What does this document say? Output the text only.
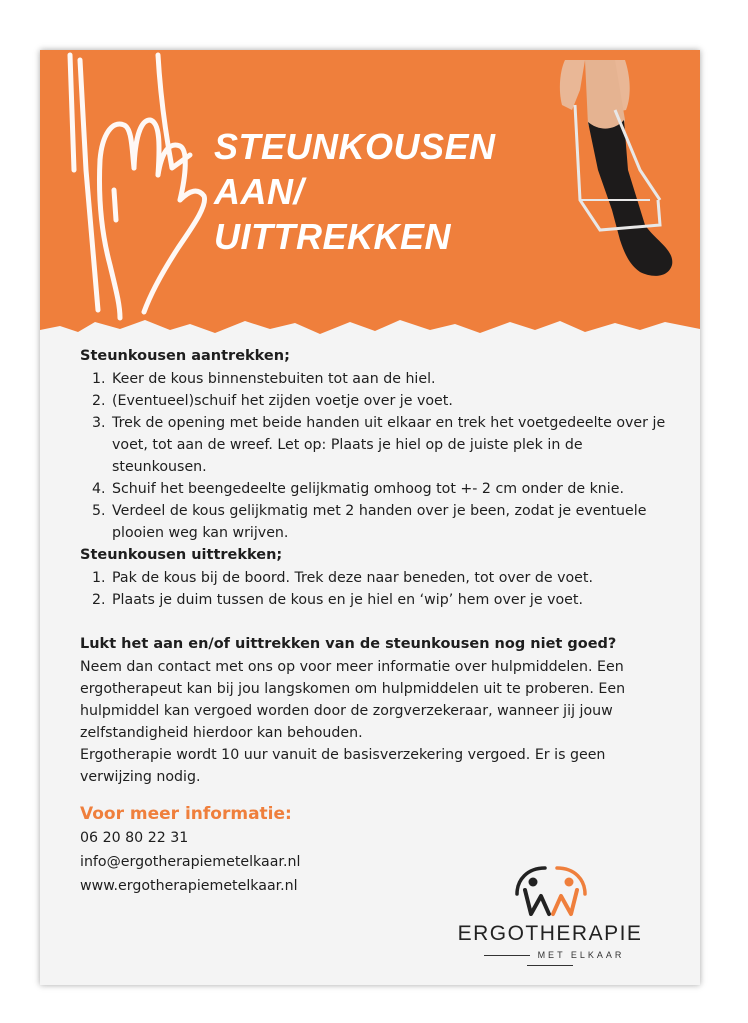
STEUNKOUSEN
AAN/
UITTREKKEN
Steunkousen aantrekken;
1. Keer de kous binnenstebuiten tot aan de hiel.
2. (Eventueel)schuif het zijden voetje over je voet.
3. Trek de opening met beide handen uit elkaar en trek het voetgedeelte over je voet, tot aan de wreef. Let op: Plaats je hiel op de juiste plek in de steunkousen.
4. Schuif het beengedeelte gelijkmatig omhoog tot +- 2 cm onder de knie.
5. Verdeel de kous gelijkmatig met 2 handen over je been, zodat je eventuele plooien weg kan wrijven.
Steunkousen uittrekken;
1. Pak de kous bij de boord. Trek deze naar beneden, tot over de voet.
2. Plaats je duim tussen de kous en je hiel en ‘wip’ hem over je voet.
Lukt het aan en/of uittrekken van de steunkousen nog niet goed?

Neem dan contact met ons op voor meer informatie over hulpmiddelen. Een ergotherapeut kan bij jou langskomen om hulpmiddelen uit te proberen. Een hulpmiddel kan vergoed worden door de zorgverzekeraar, wanneer jij jouw zelfstandigheid hierdoor kan behouden.

Ergotherapie wordt 10 uur vanuit de basisverzekering vergoed. Er is geen verwijzing nodig.

Voor meer informatie:
06 20 80 22 31
info@ergotherapiemetelkaar.nl
www.ergotherapiemetelkaar.nl
ERGOTHERAPIE
MET ELKAAR
